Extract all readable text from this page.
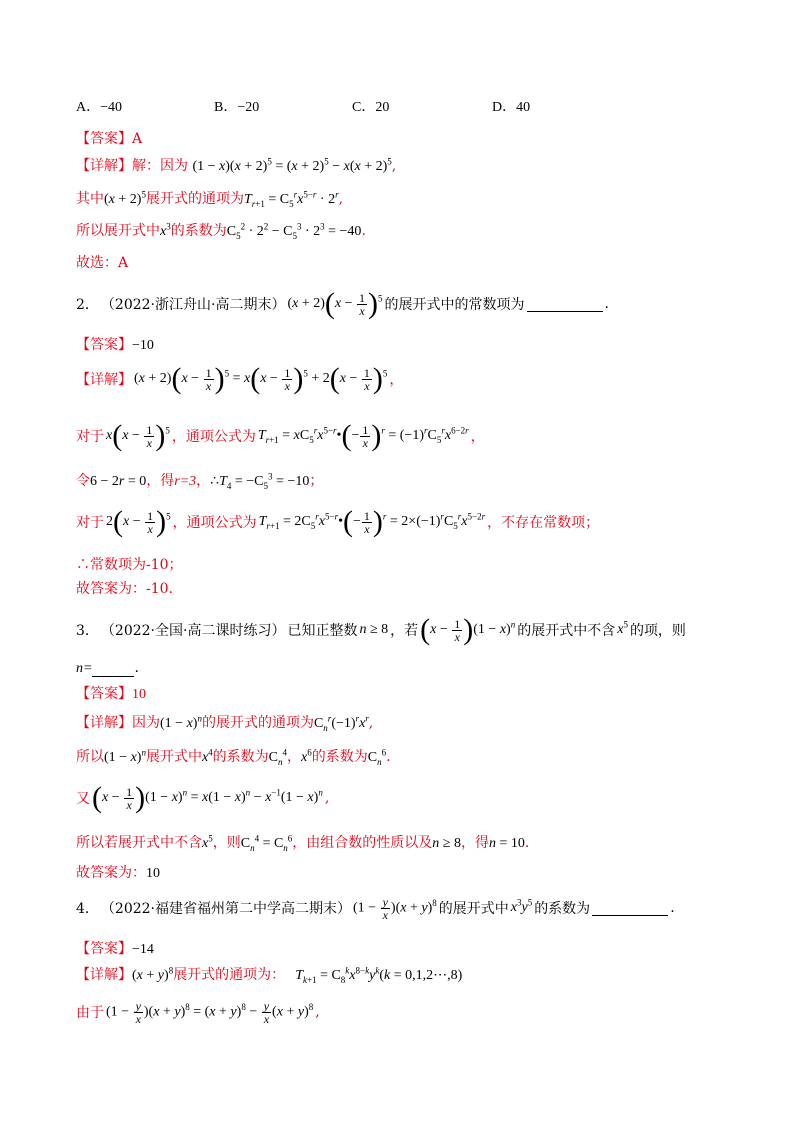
A．−40	B．−20	C．20	D．40
【答案】A
【详解】解：因为 $(1 - x)(x + 2)^5 = (x + 2)^5 - x(x + 2)^5$,
其中$(x + 2)^5$展开式的通项为$T_{r+1} = C_5^rx^{5-r} \cdot 2^r$,
所以展开式中$x^3$的系数为$C_5^2 \cdot 2^2 - C_5^3 \cdot 2^3 = -40$.
故选：A
2． （2022·浙江舟山·高二期末） $(x + 2)(x - \frac{1}{x} )^5$ 的展开式中的常数项为	.
【答案】−10
【详解】 $(x + 2)(x - \frac{1}{x} )^5 = x(x - \frac{1}{x} )^5 + 2(x - \frac{1}{x} )^5$ ，
对于 $x(x - \frac{1}{x} )^5$ ，通项公式为 $T_{r+1}$ = $xC_5^rx^{5-r}•(- \frac{1}{x} )^r = (-1)^rC_5^rx^{6-2r}$ ，
令6 − 2r = 0，得r=3，$\therefore T_4 = -C_5^3 = -10$；
对于 $2(x - \frac{1}{x} )^5$ ，通项公式为 $T_{r+1}$ = $2C_5^rx^{5-r}•(- \frac{1}{x} )^r = 2\times(-1)^rC_5^rx^{5-2r}$ ，不存在常数项；
∴常数项为-10；
故答案为：-10.
3． （2022·全国·高二课时练习） 已知正整数 n ≥ 8 ，若 $(x - \frac{1}{x} )(1 - x)^n$ 的展开式中不含 $x^5$ 的项，则
n=	.
【答案】10
【详解】因为$(1 - x)^n$的展开式的通项为$C_n^r(-1)^rx^r$,
所以$(1 - x)^n$展开式中$x^4$的系数为$C_n^4$，$x^6$的系数为$C_n^6$.
又 $(x - \frac{1}{x} )(1 - x)^n = x(1 - x)^n - x^{-1}(1 - x)^n$ ,
所以若展开式中不含$x^5$，则$C_n^4 = C_n^6$，由组合数的性质以及n ≥ 8，得n = 10.
故答案为：10
4． （2022·福建省福州第二中学高二期末） $(1 - \frac{y}{x} )(x + y)^8$ 的展开式中 $x^3y^5$ 的系数为	.
【答案】−14
【详解】$(x + y)^8$展开式的通项为： $T_{k+1} = C_8^kx^{8-k}y^k(k$ = 0,1,2⋯,8)
由于 $(1 - \frac{y}{x} )(x + y)^8 = (x + y)^8 - \frac{y}{x} (x + y)^8$ ,
